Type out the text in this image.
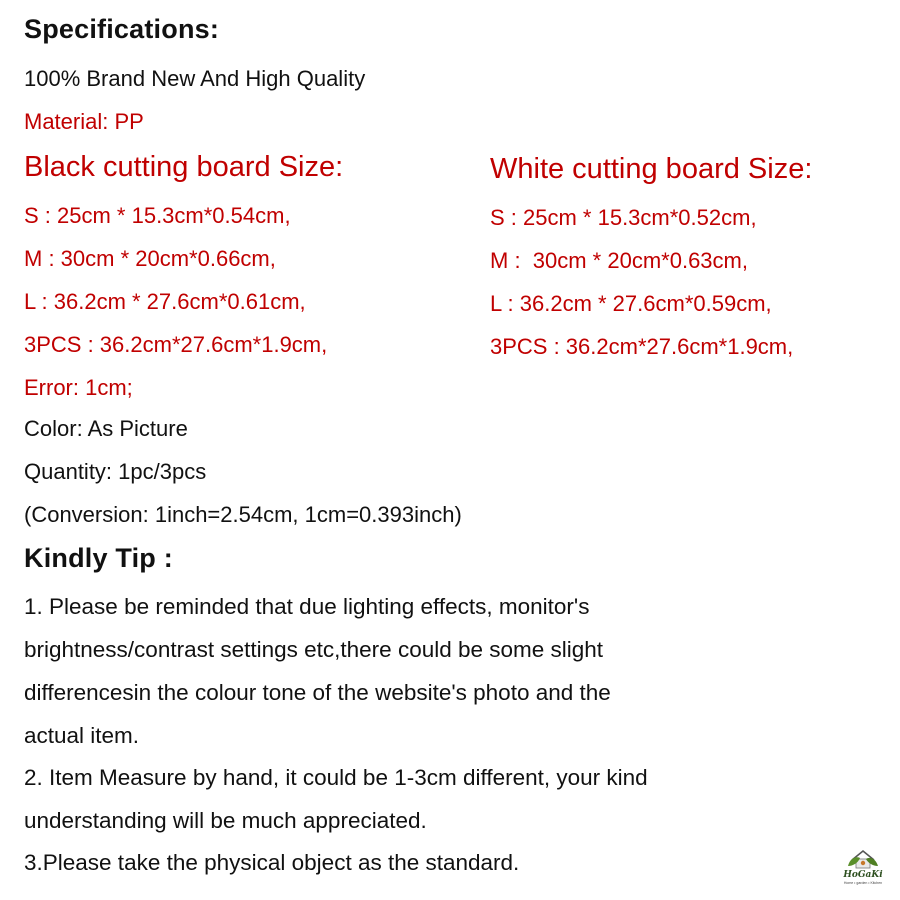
Specifications:
100% Brand New And High Quality
Material: PP
Black cutting board Size:
S : 25cm * 15.3cm*0.54cm,
M : 30cm * 20cm*0.66cm,
L : 36.2cm * 27.6cm*0.61cm,
3PCS : 36.2cm*27.6cm*1.9cm,
White cutting board Size:
S : 25cm * 15.3cm*0.52cm,
M :  30cm * 20cm*0.63cm,
L : 36.2cm * 27.6cm*0.59cm,
3PCS : 36.2cm*27.6cm*1.9cm,
Error: 1cm;
Color: As Picture
Quantity: 1pc/3pcs
(Conversion: 1inch=2.54cm, 1cm=0.393inch)
Kindly Tip :
1. Please be reminded that due lighting effects, monitor's
brightness/contrast settings etc,there could be some slight
differencesin the colour tone of the website's photo and the
actual item.
2. Item Measure by hand, it could be 1-3cm different, your kind
understanding will be much appreciated.
3.Please take the physical object as the standard.	HoGaKi
Home • garden • Kitchen
